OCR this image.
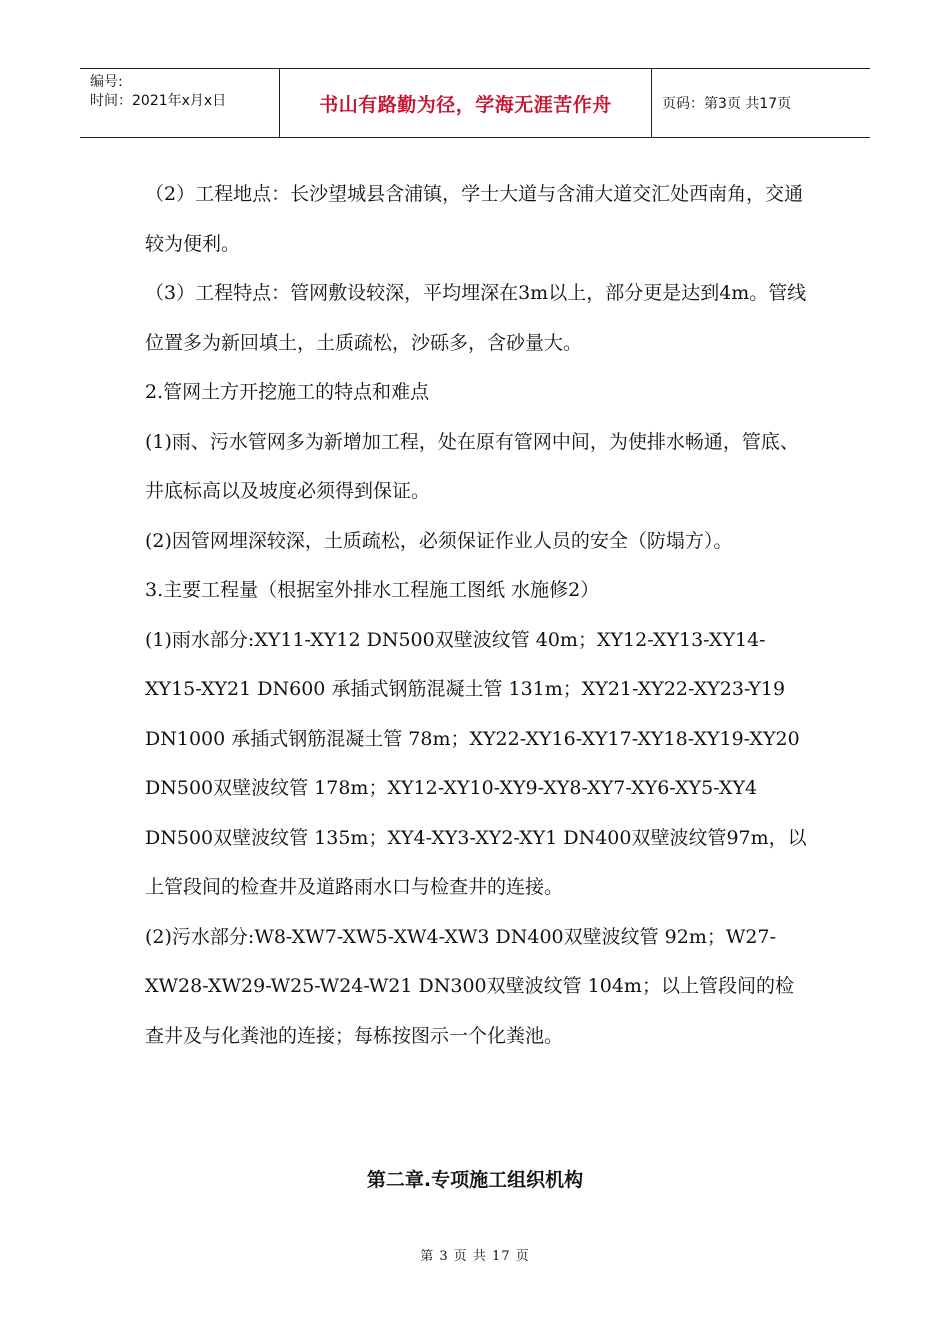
编号:
时间：2021年x月x日	书山有路勤为径，学海无涯苦作舟	页码：第3页 共17页

（2）工程地点：长沙望城县含浦镇，学士大道与含浦大道交汇处西南角，交通较为便利。

（3）工程特点：管网敷设较深，平均埋深在3m以上，部分更是达到4m。管线位置多为新回填土，土质疏松，沙砾多，含砂量大。

2.管网土方开挖施工的特点和难点

(1)雨、污水管网多为新增加工程，处在原有管网中间，为使排水畅通，管底、井底标高以及坡度必须得到保证。

(2)因管网埋深较深，土质疏松，必须保证作业人员的安全（防塌方）。

3.主要工程量（根据室外排水工程施工图纸 水施修2）

(1)雨水部分:XY11-XY12 DN500双壁波纹管 40m；XY12-XY13-XY14-XY15-XY21 DN600 承插式钢筋混凝土管 131m；XY21-XY22-XY23-Y19 DN1000 承插式钢筋混凝土管 78m；XY22-XY16-XY17-XY18-XY19-XY20 DN500双壁波纹管 178m；XY12-XY10-XY9-XY8-XY7-XY6-XY5-XY4 DN500双壁波纹管 135m；XY4-XY3-XY2-XY1 DN400双壁波纹管97m，以上管段间的检查井及道路雨水口与检查井的连接。

(2)污水部分:W8-XW7-XW5-XW4-XW3 DN400双壁波纹管 92m；W27-XW28-XW29-W25-W24-W21 DN300双壁波纹管 104m；以上管段间的检查井及与化粪池的连接；每栋按图示一个化粪池。

第二章.专项施工组织机构
第 3 页 共 17 页
